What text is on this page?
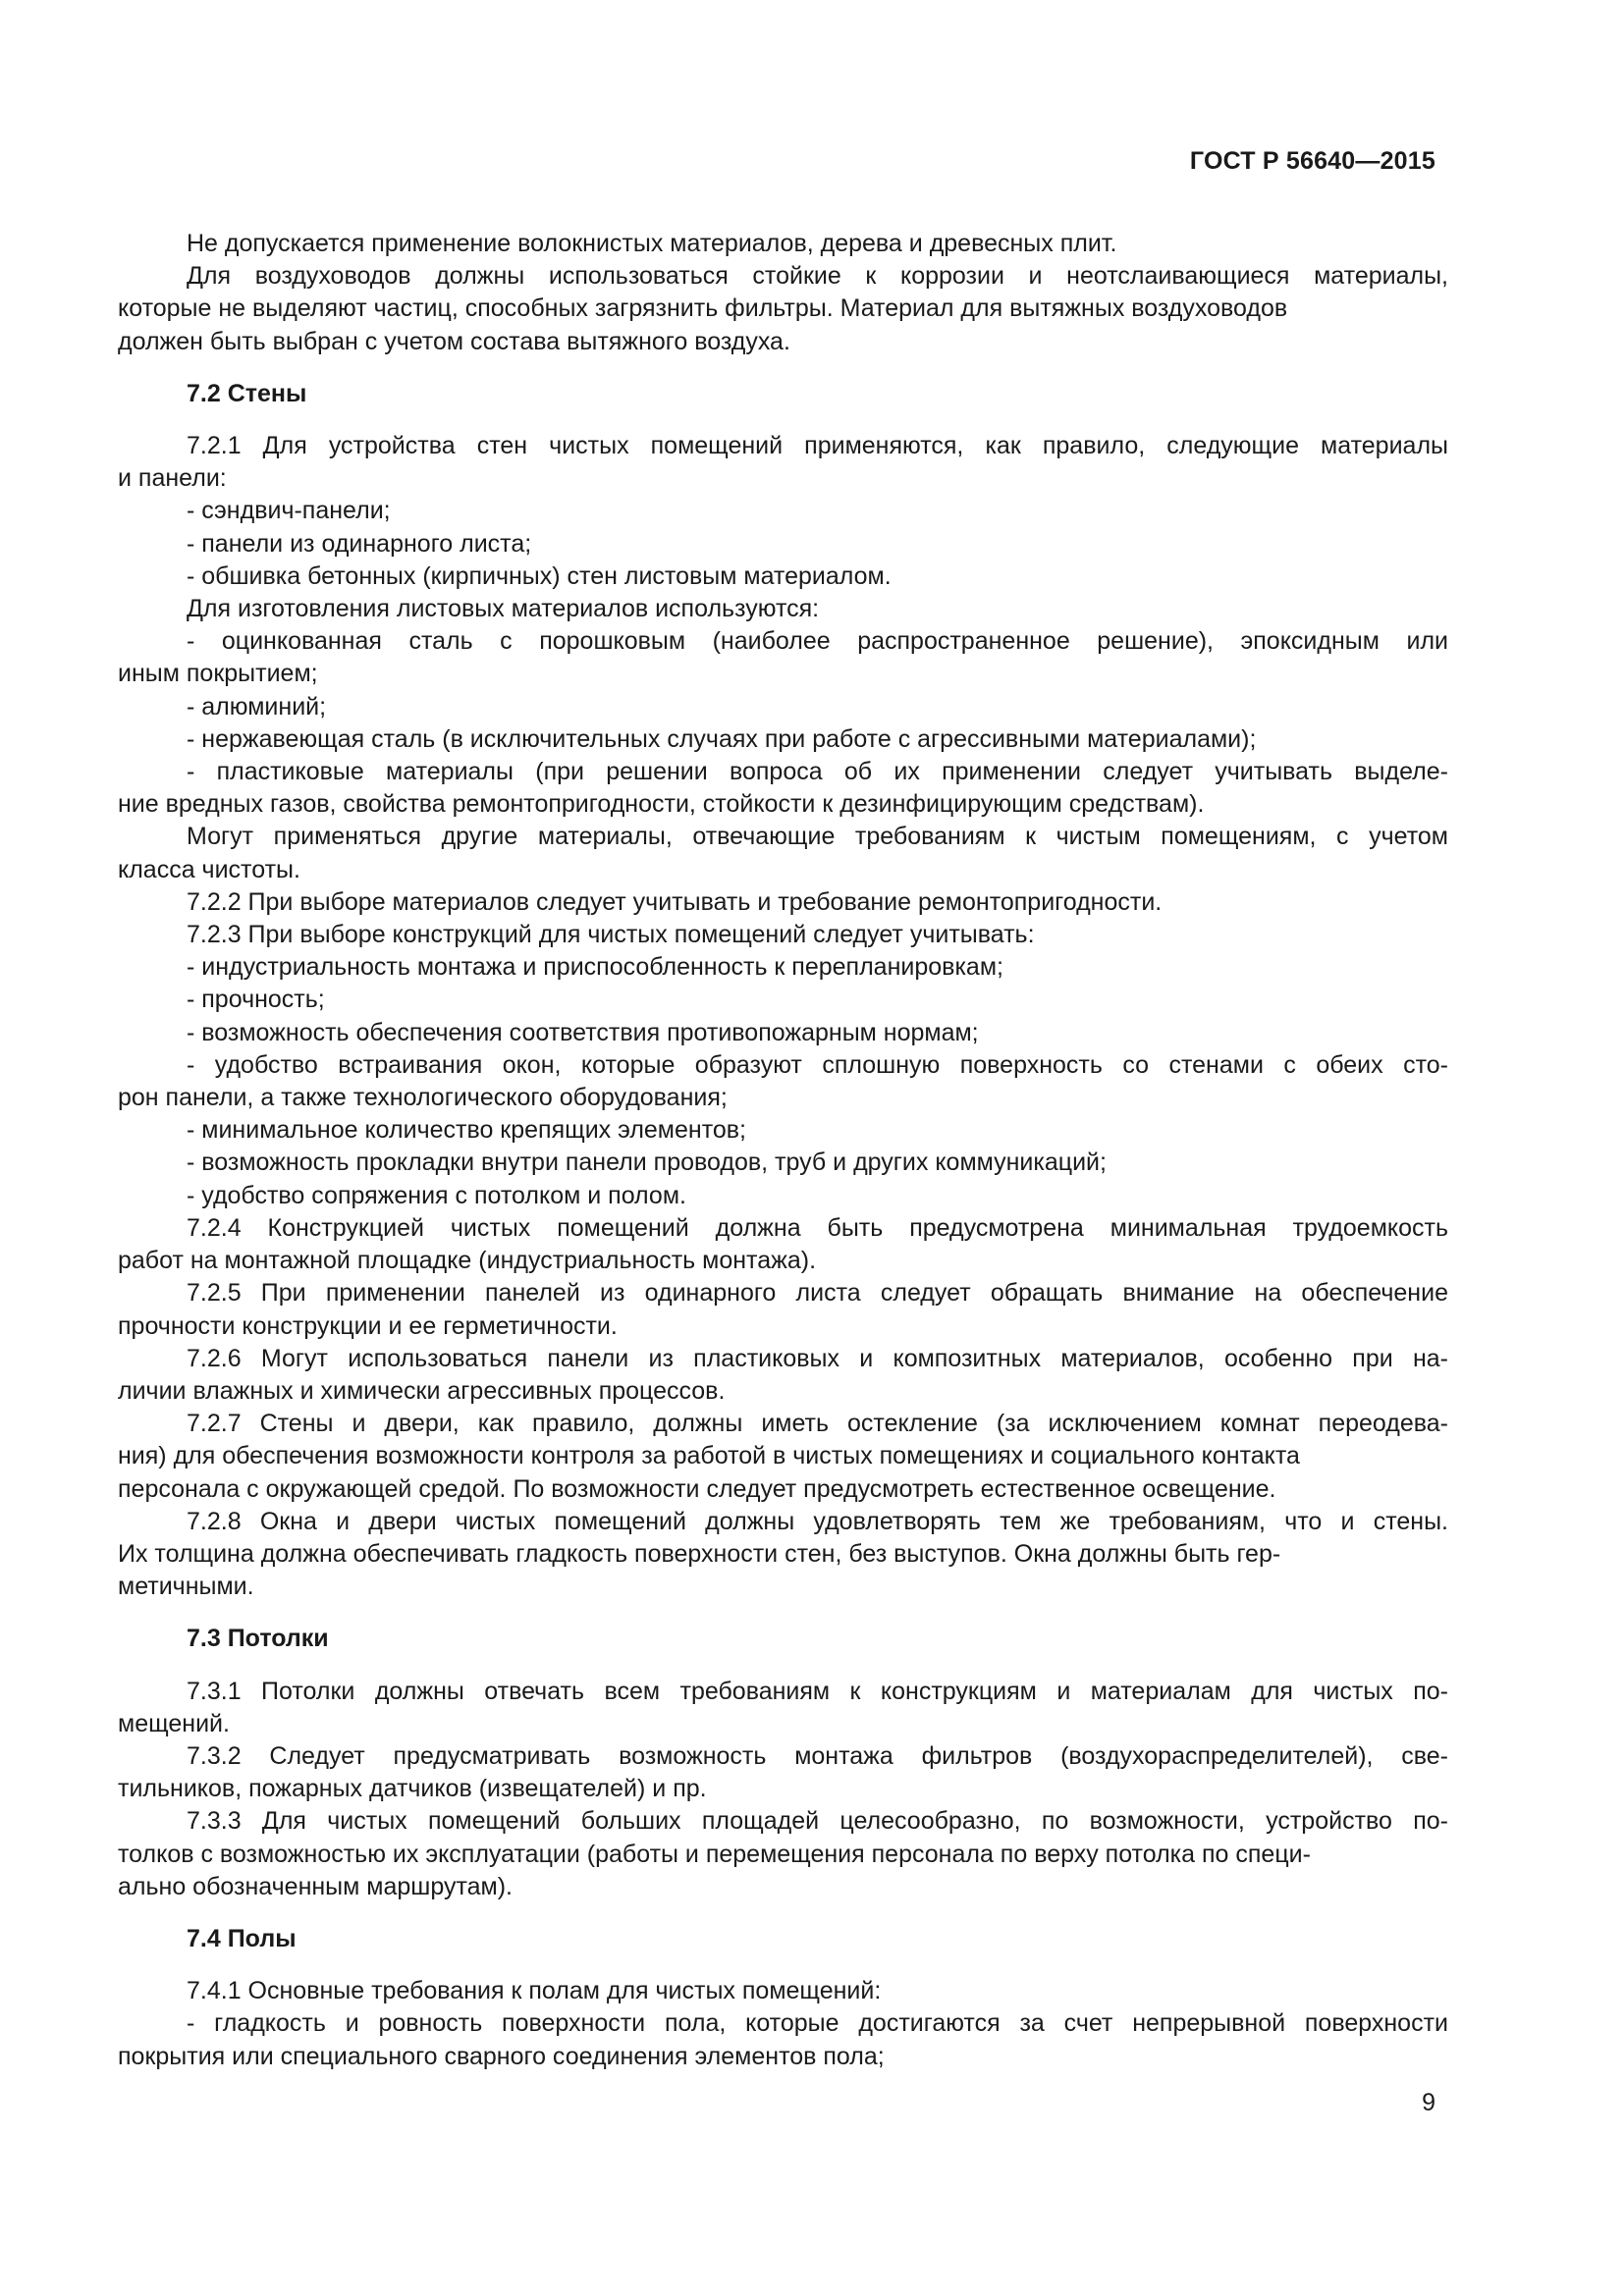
ГОСТ Р 56640—2015

Не допускается применение волокнистых материалов, дерева и древесных плит.

Для воздуховодов должны использоваться стойкие к коррозии и неотслаивающиеся материалы,

которые не выделяют частиц, способных загрязнить фильтры. Материал для вытяжных воздуховодов

должен быть выбран с учетом состава вытяжного воздуха.

7.2 Стены

7.2.1 Для устройства стен чистых помещений применяются, как правило, следующие материалы

и панели:

- сэндвич-панели;

- панели из одинарного листа;

- обшивка бетонных (кирпичных) стен листовым материалом.

Для изготовления листовых материалов используются:

- оцинкованная сталь с порошковым (наиболее распространенное решение), эпоксидным или

иным покрытием;

- алюминий;

- нержавеющая сталь (в исключительных случаях при работе с агрессивными материалами);

- пластиковые материалы (при решении вопроса об их применении следует учитывать выделе-

ние вредных газов, свойства ремонтопригодности, стойкости к дезинфицирующим средствам).

Могут применяться другие материалы, отвечающие требованиям к чистым помещениям, с учетом

класса чистоты.

7.2.2 При выборе материалов следует учитывать и требование ремонтопригодности.

7.2.3 При выборе конструкций для чистых помещений следует учитывать:

- индустриальность монтажа и приспособленность к перепланировкам;

- прочность;

- возможность обеспечения соответствия противопожарным нормам;

- удобство встраивания окон, которые образуют сплошную поверхность со стенами с обеих сто-

рон панели, а также технологического оборудования;

- минимальное количество крепящих элементов;

- возможность прокладки внутри панели проводов, труб и других коммуникаций;

- удобство сопряжения с потолком и полом.

7.2.4 Конструкцией чистых помещений должна быть предусмотрена минимальная трудоемкость

работ на монтажной площадке (индустриальность монтажа).

7.2.5 При применении панелей из одинарного листа следует обращать внимание на обеспечение

прочности конструкции и ее герметичности.

7.2.6 Могут использоваться панели из пластиковых и композитных материалов, особенно при на-

личии влажных и химически агрессивных процессов.

7.2.7 Стены и двери, как правило, должны иметь остекление (за исключением комнат переодева-

ния) для обеспечения возможности контроля за работой в чистых помещениях и социального контакта

персонала с окружающей средой. По возможности следует предусмотреть естественное освещение.

7.2.8 Окна и двери чистых помещений должны удовлетворять тем же требованиям, что и стены.

Их толщина должна обеспечивать гладкость поверхности стен, без выступов. Окна должны быть гер-

метичными.

7.3 Потолки

7.3.1 Потолки должны отвечать всем требованиям к конструкциям и материалам для чистых по-

мещений.

7.3.2 Следует предусматривать возможность монтажа фильтров (воздухораспределителей), све-

тильников, пожарных датчиков (извещателей) и пр.

7.3.3 Для чистых помещений больших площадей целесообразно, по возможности, устройство по-

толков с возможностью их эксплуатации (работы и перемещения персонала по верху потолка по специ-

ально обозначенным маршрутам).

7.4 Полы

7.4.1 Основные требования к полам для чистых помещений:

- гладкость и ровность поверхности пола, которые достигаются за счет непрерывной поверхности

покрытия или специального сварного соединения элементов пола;

9
